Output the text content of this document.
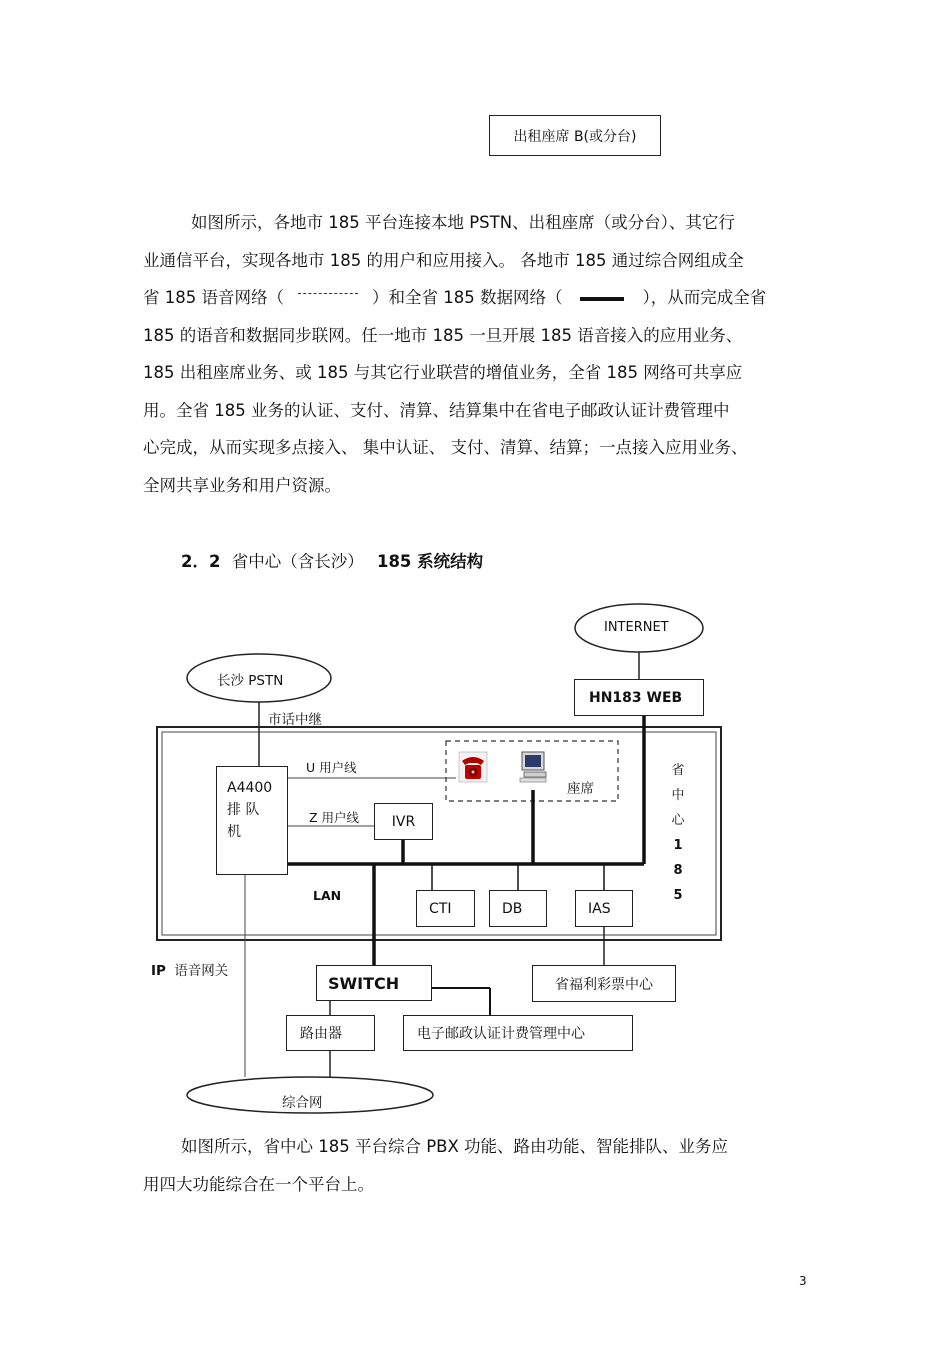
出租座席 B(或分台)
如图所示，各地市 185 平台连接本地 PSTN、出租座席（或分台）、其它行
业通信平台，实现各地市 185 的用户和应用接入。 各地市 185 通过综合网组成全
省 185 语音网络（	）和全省 185 数据网络（	），从而完成全省
185 的语音和数据同步联网。任一地市 185 一旦开展 185 语音接入的应用业务、
185 出租座席业务、或 185 与其它行业联营的增值业务，全省 185 网络可共享应
用。全省 185 业务的认证、支付、清算、结算集中在省电子邮政认证计费管理中
心完成，从而实现多点接入、 集中认证、 支付、清算、结算；一点接入应用业务、
全网共享业务和用户资源。
2．2 省中心（含长沙） 185 系统结构
INTERNET
HN183 WEB
长沙 PSTN
市话中继
A4400
排 队
机
U 用户线
Z 用户线 IVR
座席
LAN
CTI	DB	IAS
省
中
心
1
8
5
IP 语音网关
SWITCH	省福利彩票中心
路由器	电子邮政认证计费管理中心
综合网
如图所示，省中心 185 平台综合 PBX 功能、路由功能、智能排队、业务应
用四大功能综合在一个平台上。
3
